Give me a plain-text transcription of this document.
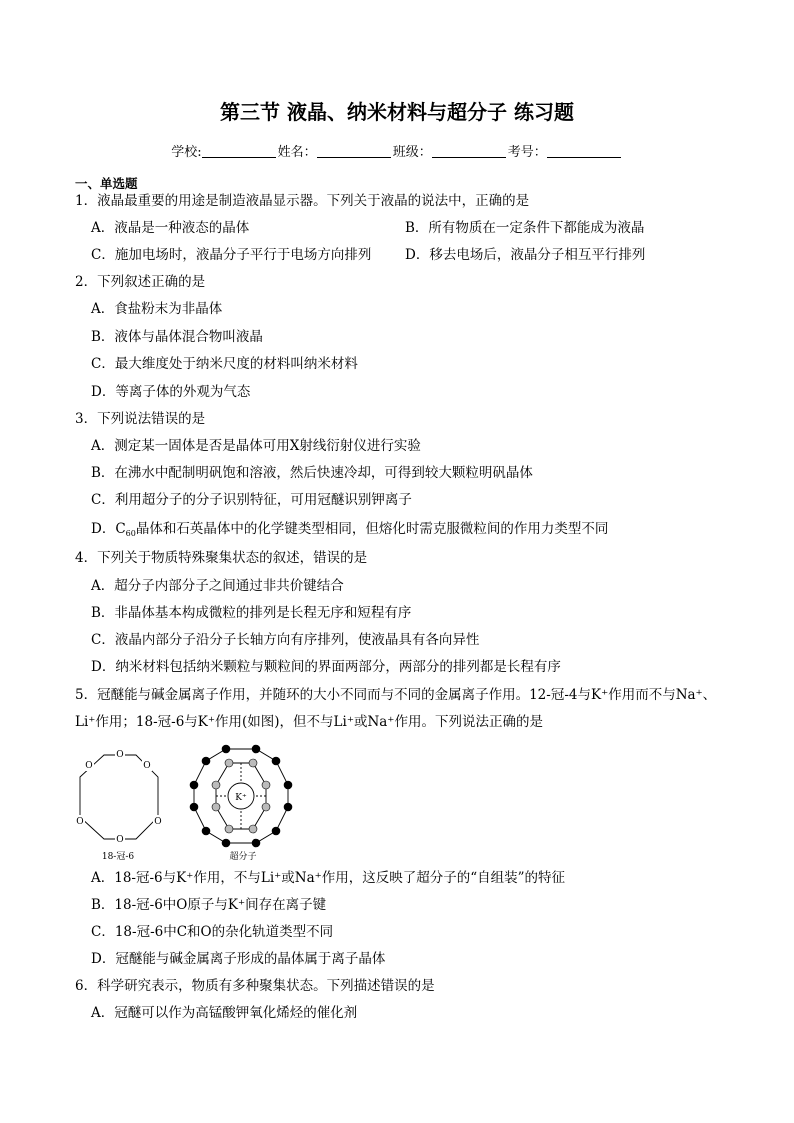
第三节 液晶、纳米材料与超分子 练习题
学校:	姓名：	班级：	考号：
一、单选题
1．液晶最重要的用途是制造液晶显示器。下列关于液晶的说法中，正确的是
A．液晶是一种液态的晶体	B．所有物质在一定条件下都能成为液晶
C．施加电场时，液晶分子平行于电场方向排列 D．移去电场后，液晶分子相互平行排列
2．下列叙述正确的是
A．食盐粉末为非晶体
B．液体与晶体混合物叫液晶
C．最大维度处于纳米尺度的材料叫纳米材料
D．等离子体的外观为气态
3．下列说法错误的是
A．测定某一固体是否是晶体可用X射线衍射仪进行实验
B．在沸水中配制明矾饱和溶液，然后快速冷却，可得到较大颗粒明矾晶体
C．利用超分子的分子识别特征，可用冠醚识别钾离子
D．$C_{60}$晶体和石英晶体中的化学键类型相同，但熔化时需克服微粒间的作用力类型不同
4．下列关于物质特殊聚集状态的叙述，错误的是
A．超分子内部分子之间通过非共价键结合
B．非晶体基本构成微粒的排列是长程无序和短程有序
C．液晶内部分子沿分子长轴方向有序排列，使液晶具有各向异性
D．纳米材料包括纳米颗粒与颗粒间的界面两部分，两部分的排列都是长程有序
5．冠醚能与碱金属离子作用，并随环的大小不同而与不同的金属离子作用。12-冠-4与K⁺作用而不与Na⁺、
Li⁺作用；18-冠-6与K⁺作用(如图)，但不与Li⁺或Na⁺作用。下列说法正确的是
O
O
O
O
O
O
18-冠-6
K⁺
超分子
A．18-冠-6与K⁺作用，不与Li⁺或Na⁺作用，这反映了超分子的“自组装”的特征
B．18-冠-6中O原子与K⁺间存在离子键
C．18-冠-6中C和O的杂化轨道类型不同
D．冠醚能与碱金属离子形成的晶体属于离子晶体
6．科学研究表示，物质有多种聚集状态。下列描述错误的是
A．冠醚可以作为高锰酸钾氧化烯烃的催化剂
